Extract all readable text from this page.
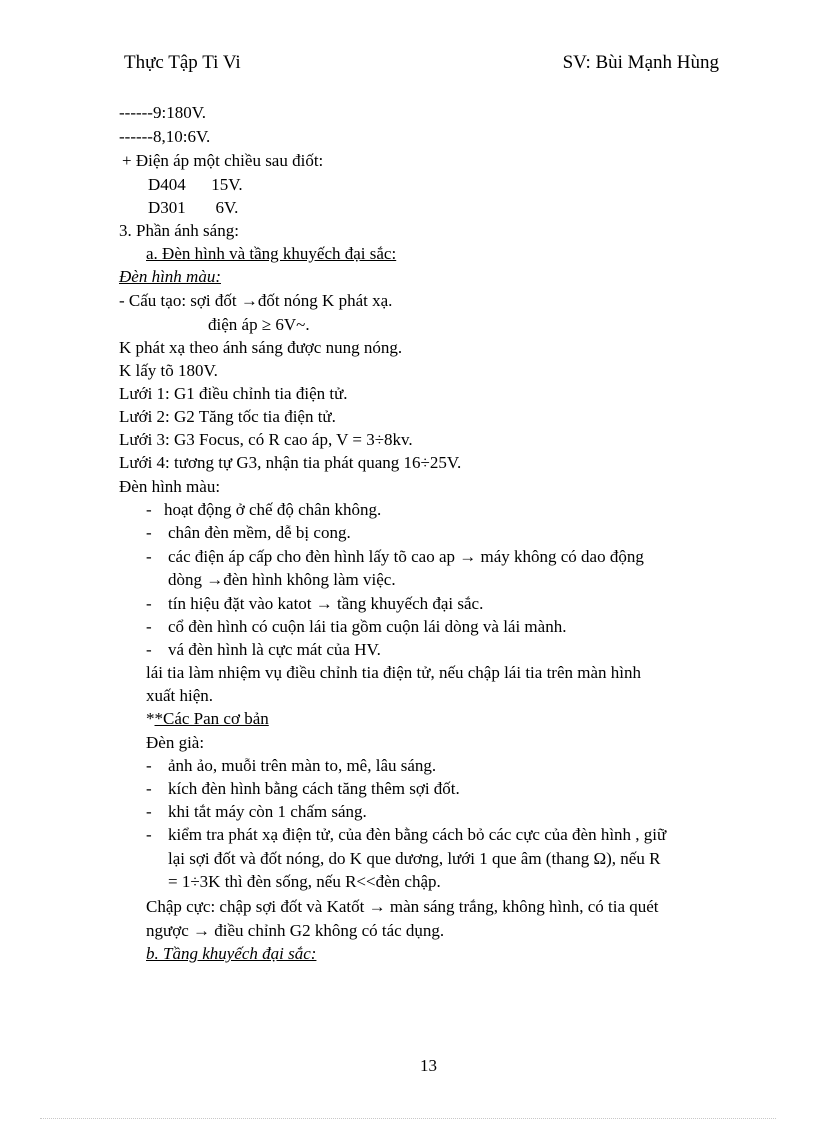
Thực Tập Ti Vi	SV: Bùi Mạnh Hùng
------9:180V.
------8,10:6V.
+ Điện áp một chiều sau điốt:
D404      15V.
D301       6V.
3. Phần ánh sáng:
a. Đèn hình và tầng khuyếch đại sắc:
Đèn hình màu:
- Cấu tạo: sợi đốt →đốt nóng K phát xạ.
điện áp ≥ 6V~.
K phát xạ theo ánh sáng được nung nóng.
K lấy tõ 180V.
Lưới 1: G1 điều chỉnh tia điện tử.
Lưới 2: G2 Tăng tốc tia điện tử.
Lưới 3: G3 Focus, có R cao áp, V = 3÷8kv.
Lưới 4: tương tự G3, nhận tia phát quang 16÷25V.
Đèn hình màu:
- hoạt động ở chế độ chân không.
- chân đèn mềm, dễ bị cong.
- các điện áp cấp cho đèn hình lấy tõ cao ap → máy không có dao động
dòng →đèn hình không làm việc.
- tín hiệu đặt vào katot → tầng khuyếch đại sắc.
- cổ đèn hình có cuộn lái tia gồm cuộn lái dòng và lái mành.
- vá đèn hình là cực mát của HV.
lái tia làm nhiệm vụ điều chỉnh tia điện tử, nếu chập lái tia trên màn hình
xuất hiện.
**Các Pan cơ bản
Đèn già:
- ảnh ảo, muỗi trên màn to, mê, lâu sáng.
- kích đèn hình bằng cách tăng thêm sợi đốt.
- khi tắt máy còn 1 chấm sáng.
- kiểm tra phát xạ điện tử, của đèn bằng cách bỏ các cực của đèn hình , giữ
lại sợi đốt và đốt nóng, do K que dương, lưới 1 que âm (thang Ω), nếu R
= 1÷3K thì đèn sống, nếu R<<đèn chập.
Chập cực: chập sợi đốt và Katốt → màn sáng trắng, không hình, có tia quét
ngược → điều chỉnh G2 không có tác dụng.
b. Tầng khuyếch đại sắc:
13
